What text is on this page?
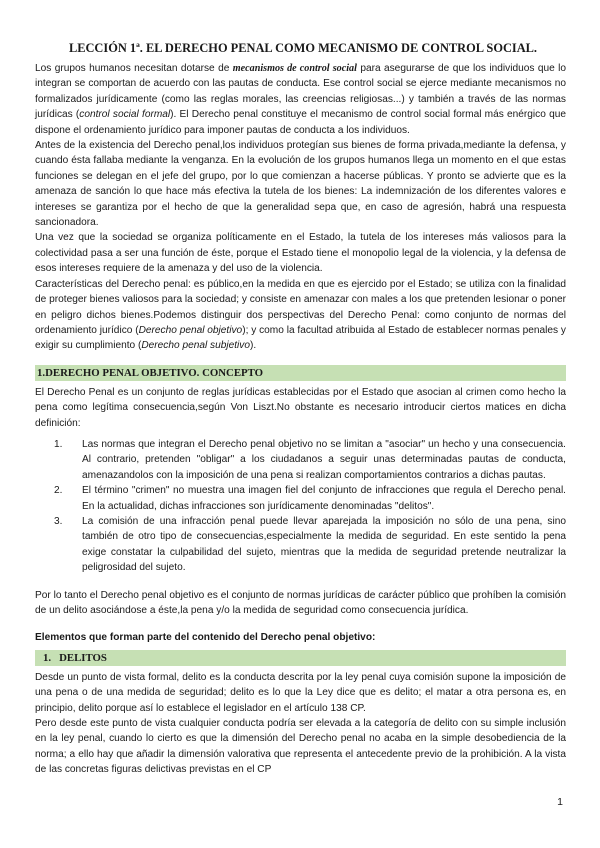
LECCIÓN 1ª. EL DERECHO PENAL COMO MECANISMO DE CONTROL SOCIAL.

Los grupos humanos necesitan dotarse de mecanismos de control social para asegurarse de que los individuos que lo integran se comportan de acuerdo con las pautas de conducta. Ese control social se ejerce mediante mecanismos no formalizados jurídicamente (como las reglas morales, las creencias religiosas...) y también a través de las normas jurídicas (control social formal). El Derecho penal constituye el mecanismo de control social formal más enérgico que dispone el ordenamiento jurídico para imponer pautas de conducta a los individuos.

Antes de la existencia del Derecho penal,los individuos protegían sus bienes de forma privada,mediante la defensa, y cuando ésta fallaba mediante la venganza. En la evolución de los grupos humanos llega un momento en el que estas funciones se delegan en el jefe del grupo, por lo que comienzan a hacerse públicas. Y pronto se advierte que es la amenaza de sanción lo que hace más efectiva la tutela de los bienes: La indemnización de los diferentes valores e intereses se garantiza por el hecho de que la generalidad sepa que, en caso de agresión, habrá una respuesta sancionadora.

Una vez que la sociedad se organiza políticamente en el Estado, la tutela de los intereses más valiosos para la colectividad pasa a ser una función de éste, porque el Estado tiene el monopolio legal de la violencia, y la defensa de esos intereses requiere de la amenaza y del uso de la violencia.

Características del Derecho penal: es público,en la medida en que es ejercido por el Estado; se utiliza con la finalidad de proteger bienes valiosos para la sociedad; y consiste en amenazar con males a los que pretenden lesionar o poner en peligro dichos bienes.Podemos distinguir dos perspectivas del Derecho Penal: como conjunto de normas del ordenamiento jurídico (Derecho penal objetivo); y como la facultad atribuida al Estado de establecer normas penales y exigir su cumplimiento (Derecho penal subjetivo).

1.DERECHO PENAL OBJETIVO. CONCEPTO

El Derecho Penal es un conjunto de reglas jurídicas establecidas por el Estado que asocian al crimen como hecho la pena como legítima consecuencia,según Von Liszt.No obstante es necesario introducir ciertos matices en dicha definición:

1. Las normas que integran el Derecho penal objetivo no se limitan a "asociar" un hecho y una consecuencia. Al contrario, pretenden "obligar" a los ciudadanos a seguir unas determinadas pautas de conducta, amenazandolos con la imposición de una pena si realizan comportamientos contrarios a dichas pautas.

2. El término "crimen" no muestra una imagen fiel del conjunto de infracciones que regula el Derecho penal. En la actualidad, dichas infracciones son jurídicamente denominadas "delitos".

3. La comisión de una infracción penal puede llevar aparejada la imposición no sólo de una pena, sino también de otro tipo de consecuencias,especialmente la medida de seguridad. En este sentido la pena exige constatar la culpabilidad del sujeto, mientras que la medida de seguridad pretende neutralizar la peligrosidad del sujeto.

Por lo tanto el Derecho penal objetivo es el conjunto de normas jurídicas de carácter público que prohíben la comisión de un delito asociándose a éste,la pena y/o la medida de seguridad como consecuencia jurídica.

Elementos que forman parte del contenido del Derecho penal objetivo:

1. DELITOS

Desde un punto de vista formal, delito es la conducta descrita por la ley penal cuya comisión supone la imposición de una pena o de una medida de seguridad; delito es lo que la Ley dice que es delito; el matar a otra persona es, en principio, delito porque así lo establece el legislador en el artículo 138 CP.

Pero desde este punto de vista cualquier conducta podría ser elevada a la categoría de delito con su simple inclusión en la ley penal, cuando lo cierto es que la dimensión del Derecho penal no acaba en la simple desobediencia de la norma; a ello hay que añadir la dimensión valorativa que representa el antecedente previo de la prohibición. A la vista de las concretas figuras delictivas previstas en el CP

1
